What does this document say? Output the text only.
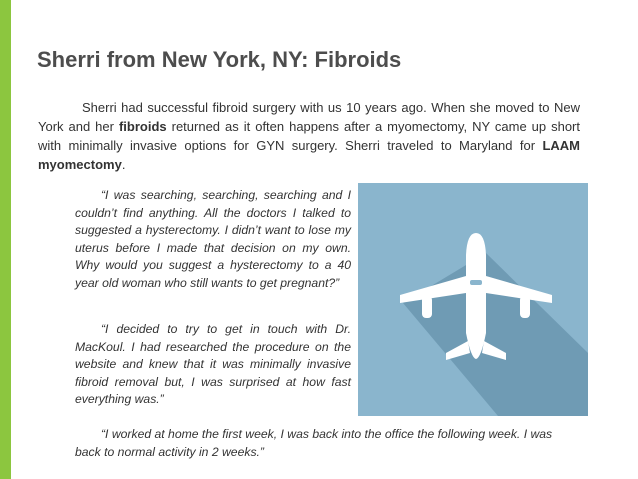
Sherri from New York, NY: Fibroids

Sherri had successful fibroid surgery with us 10 years ago. When she moved to New York and her fibroids returned as it often happens after a myomectomy, NY came up short with minimally invasive options for GYN surgery. Sherri traveled to Maryland for LAAM myomectomy.

“I was searching, searching, searching and I couldn’t find anything. All the doctors I talked to suggested a hysterectomy. I didn’t want to lose my uterus before I made that decision on my own. Why would you suggest a hysterectomy to a 40 year old woman who still wants to get pregnant?”

“I decided to try to get in touch with Dr. MacKoul. I had researched the procedure on the website and knew that it was minimally invasive fibroid removal but, I was surprised at how fast everything was.”

“I worked at home the first week, I was back into the office the following week. I was back to normal activity in 2 weeks.”
